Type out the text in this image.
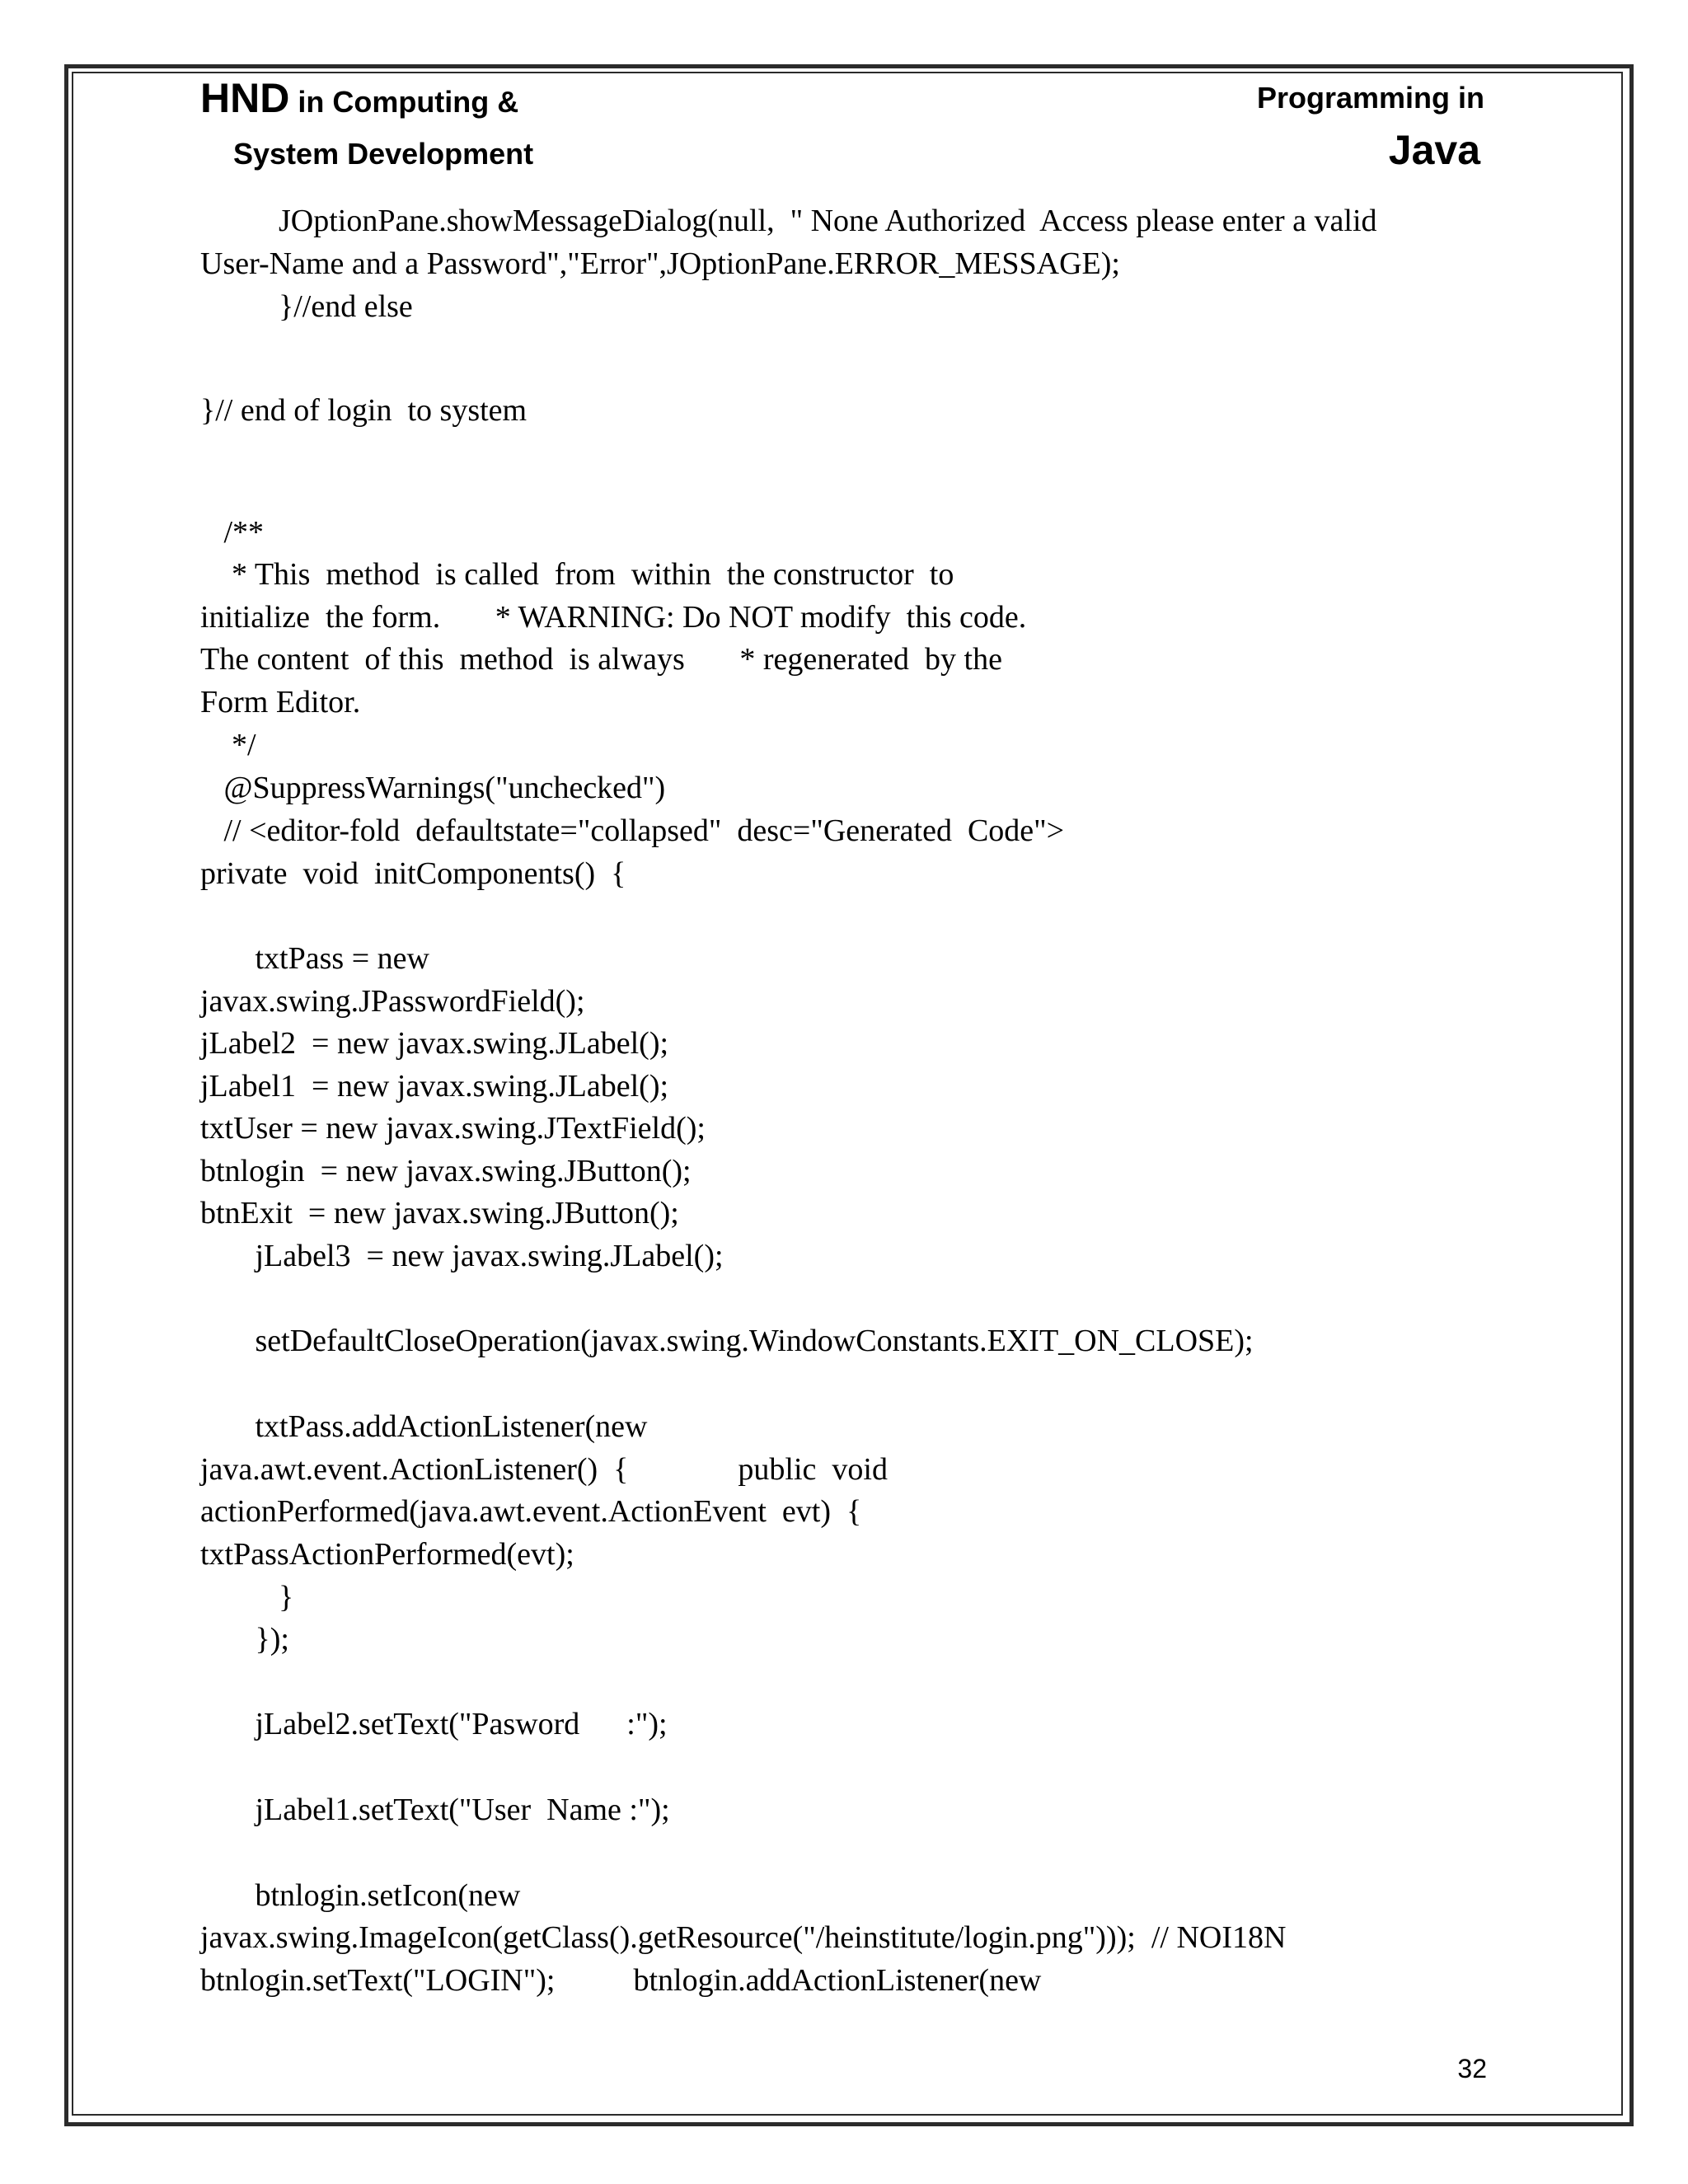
HND in Computing &
System Development
Programming in
Java
JOptionPane.showMessageDialog(null,  " None Authorized  Access please enter a valid
User-Name and a Password","Error",JOptionPane.ERROR_MESSAGE);
}//end else
}// end of login  to system
/**
* This  method  is called  from  within  the constructor  to
initialize  the form.       * WARNING: Do NOT modify  this code.
The content  of this  method  is always       * regenerated  by the
Form Editor.
*/
@SuppressWarnings("unchecked")
// <editor-fold  defaultstate="collapsed"  desc="Generated  Code">
private  void  initComponents()  {
txtPass = new
javax.swing.JPasswordField();
jLabel2  = new javax.swing.JLabel();
jLabel1  = new javax.swing.JLabel();
txtUser = new javax.swing.JTextField();
btnlogin  = new javax.swing.JButton();
btnExit  = new javax.swing.JButton();
jLabel3  = new javax.swing.JLabel();
setDefaultCloseOperation(javax.swing.WindowConstants.EXIT_ON_CLOSE);
txtPass.addActionListener(new
java.awt.event.ActionListener()  {              public  void
actionPerformed(java.awt.event.ActionEvent  evt)  {
txtPassActionPerformed(evt);
}
});
jLabel2.setText("Pasword      :");
jLabel1.setText("User  Name :");
btnlogin.setIcon(new
javax.swing.ImageIcon(getClass().getResource("/heinstitute/login.png")));  // NOI18N
btnlogin.setText("LOGIN");          btnlogin.addActionListener(new
32
